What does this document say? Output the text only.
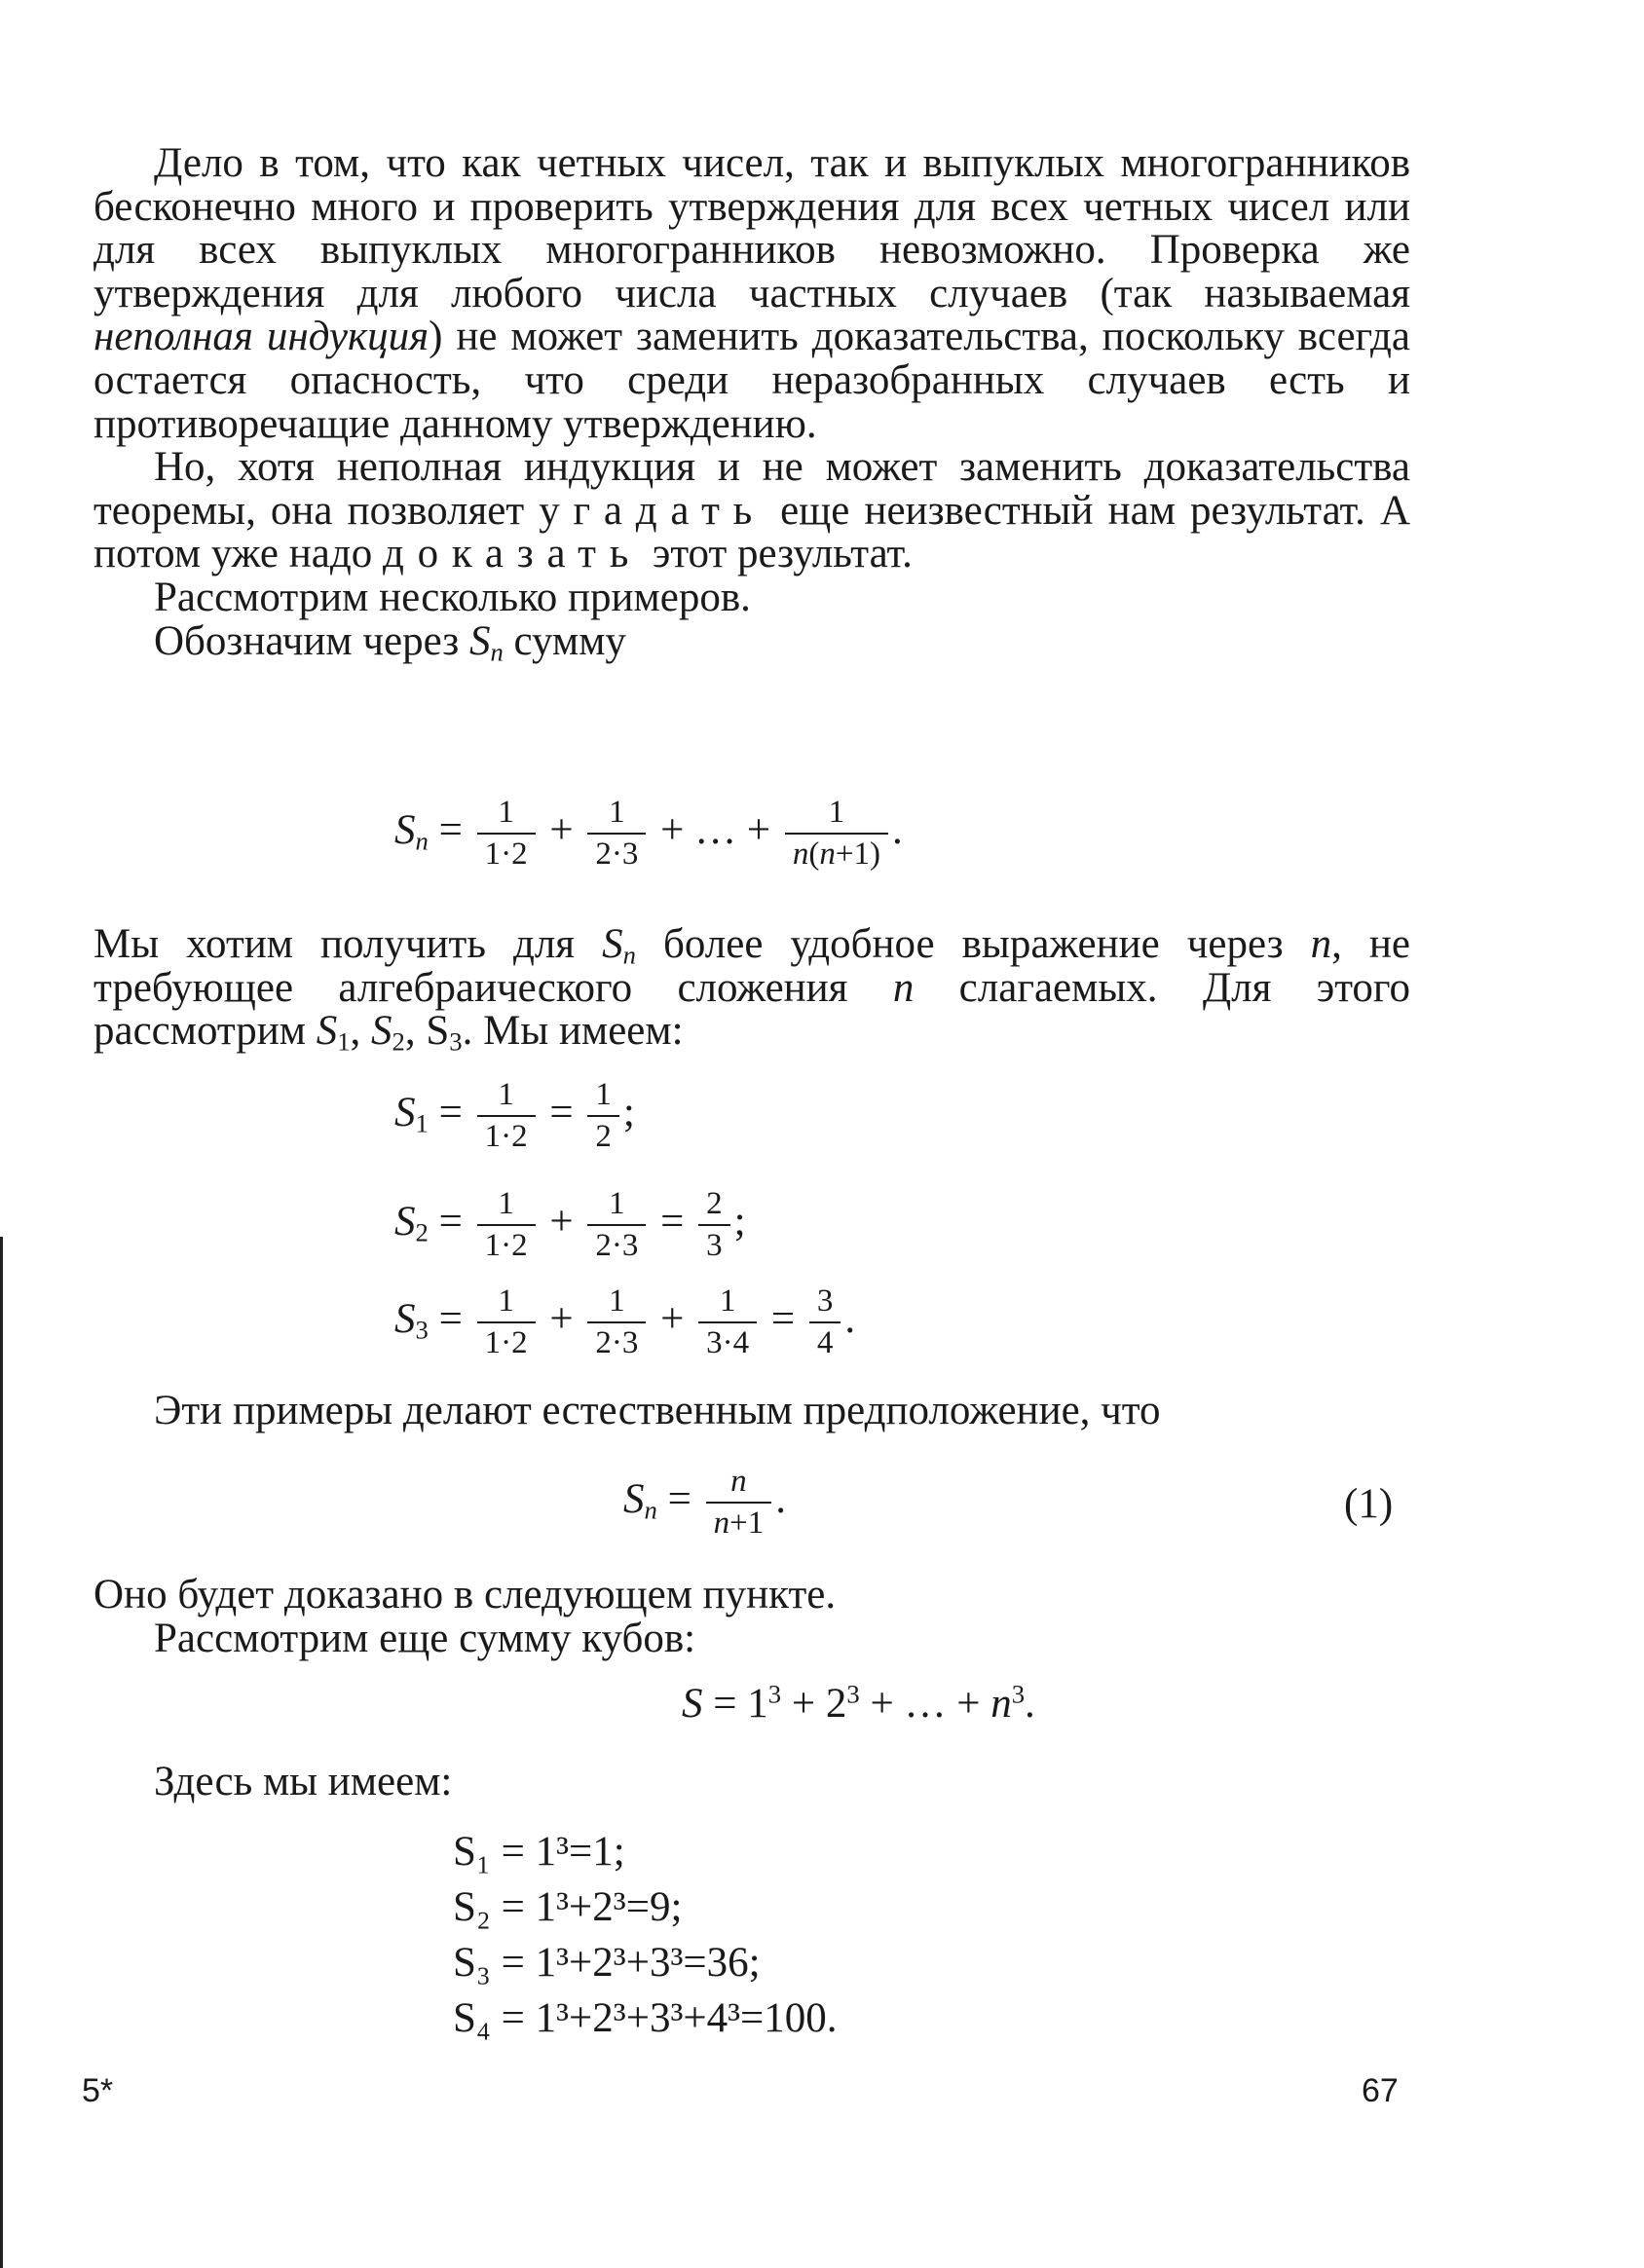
Дело в том, что как четных чисел, так и выпуклых многогранников бесконечно много и проверить утверждения для всех четных чисел или для всех выпуклых многогранников невозможно. Проверка же утверждения для любого числа частных случаев (так называемая неполная индукция) не может заменить доказательства, поскольку всегда остается опасность, что среди неразобранных случаев есть и противоречащие данному утверждению.

Но, хотя неполная индукция и не может заменить доказательства теоремы, она позволяет угадать еще неизвестный нам результат. А потом уже надо доказать этот результат.

Рассмотрим несколько примеров.

Обозначим через $S_n$ сумму

$S_n = \frac{1}{1\cdot 2} + \frac{1}{2\cdot 3}$ + … + $\frac{1}{n(n+1)}$ .

Мы хотим получить для $S_n$ более удобное выражение через n, не требующее алгебраического сложения n слагаемых. Для этого рассмотрим $S_1$, $S_2$, $S_3$. Мы имеем:

$S_1 = \frac{1}{1\cdot 2} = \frac{1}{2}$ ;
$S_2 = \frac{1}{1\cdot 2} + \frac{1}{2\cdot 3} = \frac{2}{3}$ ;
$S_3 = \frac{1}{1\cdot 2} + \frac{1}{2\cdot 3} + \frac{1}{3\cdot 4} = \frac{3}{4}$ .

Эти примеры делают естественным предположение, что

$S_n = \frac{n}{n+1}$ .	(1)

Оно будет доказано в следующем пункте.

Рассмотрим еще сумму кубов:

$S = 1^3 + 2^3$ + … + $n^3$.

Здесь мы имеем:

S₁ = 1³=1;
S₂ = 1³+2³=9;
S₃ = 1³+2³+3³=36;
S₄ = 1³+2³+3³+4³=100.
5*	67
